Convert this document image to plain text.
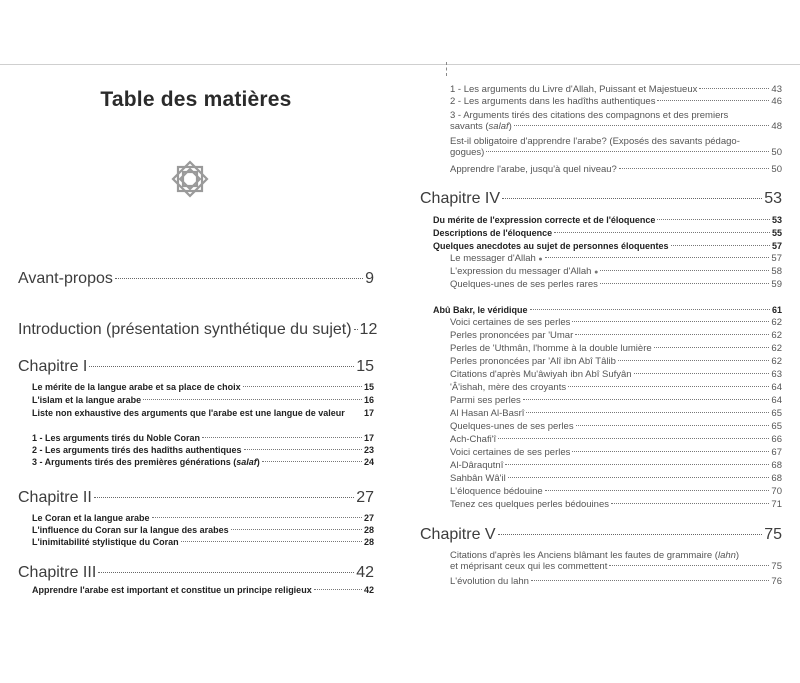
Table des matières
Avant-propos	9
Introduction (présentation synthétique du sujet) 12
Chapitre I	15
Le mérite de la langue arabe et sa place de choix	15
L'islam et la langue arabe	16
Liste non exhaustive des arguments que l'arabe est une langue de valeur 17
1 - Les arguments tirés du Noble Coran	17
2 - Les arguments tirés des hadîths authentiques	23
3 - Arguments tirés des premières générations (salaf)	24
Chapitre II	27
Le Coran et la langue arabe	27
L'influence du Coran sur la langue des arabes	28
L'inimitabilité stylistique du Coran	28
Chapitre III	42
Apprendre l'arabe est important et constitue un principe religieux	42
1 - Les arguments du Livre d'Allah, Puissant et Majestueux	43
2 - Les arguments dans les hadîths authentiques	46
3 - Arguments tirés des citations des compagnons et des premiers
savants (salaf)	48
Est-il obligatoire d'apprendre l'arabe? (Exposés des savants pédago-
gogues)	50
Apprendre l'arabe, jusqu'à quel niveau?	50
Chapitre IV	53
Du mérite de l'expression correcte et de l'éloquence	53
Descriptions de l'éloquence	55
Quelques anecdotes au sujet de personnes éloquentes	57
Le messager d'Allah ●	57
L'expression du messager d'Allah ●	58
Quelques-unes de ses perles rares	59
Abû Bakr, le véridique	61
Voici certaines de ses perles	62
Perles prononcées par 'Umar	62
Perles de 'Uthmân, l'homme à la double lumière	62
Perles prononcées par 'Alî ibn Abî Tâlib	62
Citations d'après Mu'âwiyah ibn Abî Sufyân	63
'Â'ishah, mère des croyants	64
Parmi ses perles	64
Al Hasan Al-Basrî	65
Quelques-unes de ses perles	65
Ach-Chafi'î	66
Voici certaines de ses perles	67
Al-Dâraqutnî	68
Sahbân Wâ'il	68
L'éloquence bédouine	70
Tenez ces quelques perles bédouines	71
Chapitre V	75
Citations d'après les Anciens blâmant les fautes de grammaire (lahn)
et méprisant ceux qui les commettent	75
L'évolution du lahn	76
